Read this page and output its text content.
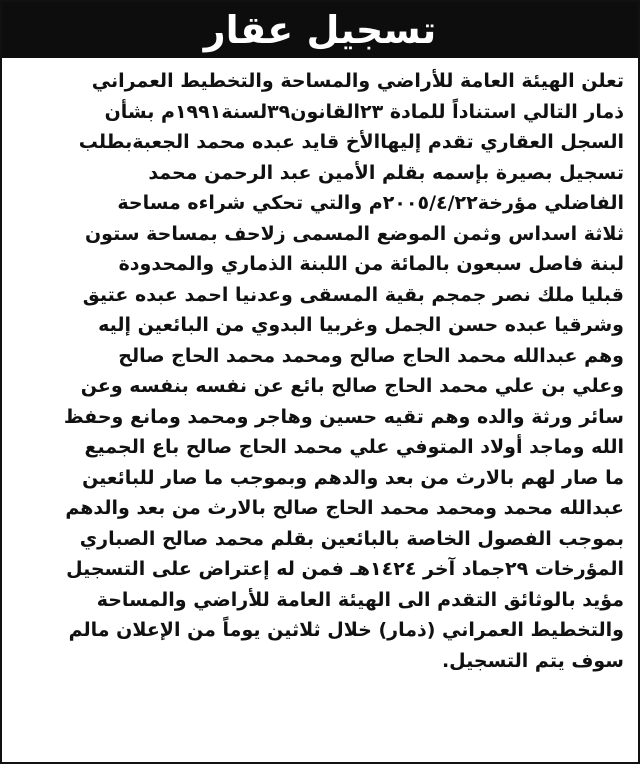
تسجيل عقار
تعلن الهيئة العامة للأراضي والمساحة والتخطيط العمراني
ذمار التالي استناداً للمادة ٢٣القانون٣٩لسنة١٩٩١م بشأن
السجل العقاري تقدم إليهاالأخ قايد عبده محمد الجعبةبطلب
تسجيل بصيرة بإسمه بقلم الأمين عبد الرحمن محمد
الفاضلي مؤرخة٢٠٠٥/٤/٢٢م والتي تحكي شراءه مساحة
ثلاثة اسداس وثمن الموضع المسمى زلاحف بمساحة ستون
لبنة فاصل سبعون بالمائة من اللبنة الذماري والمحدودة
قبليا ملك نصر جمجم بقية المسقى وعدنيا احمد عبده عتيق
وشرقيا عبده حسن الجمل وغربيا البدوي من البائعين إليه
وهم عبدالله محمد الحاج صالح ومحمد محمد الحاج صالح
وعلي بن علي محمد الحاج صالح بائع عن نفسه بنفسه وعن
سائر ورثة والده وهم تقيه حسين وهاجر ومحمد ومانع وحفظ
الله وماجد أولاد المتوفي علي محمد الحاج صالح باع الجميع
ما صار لهم بالارث من بعد والدهم وبموجب ما صار للبائعين
عبدالله محمد ومحمد محمد الحاج صالح بالارث من بعد والدهم
بموجب الفصول الخاصة بالبائعين بقلم محمد صالح الصباري
المؤرخات ٢٩جماد آخر ١٤٢٤هـ فمن له إعتراض على التسجيل
مؤيد بالوثائق التقدم الى الهيئة العامة للأراضي والمساحة
والتخطيط العمراني (ذمار) خلال ثلاثين يوماً من الإعلان مالم
سوف يتم التسجيل.
